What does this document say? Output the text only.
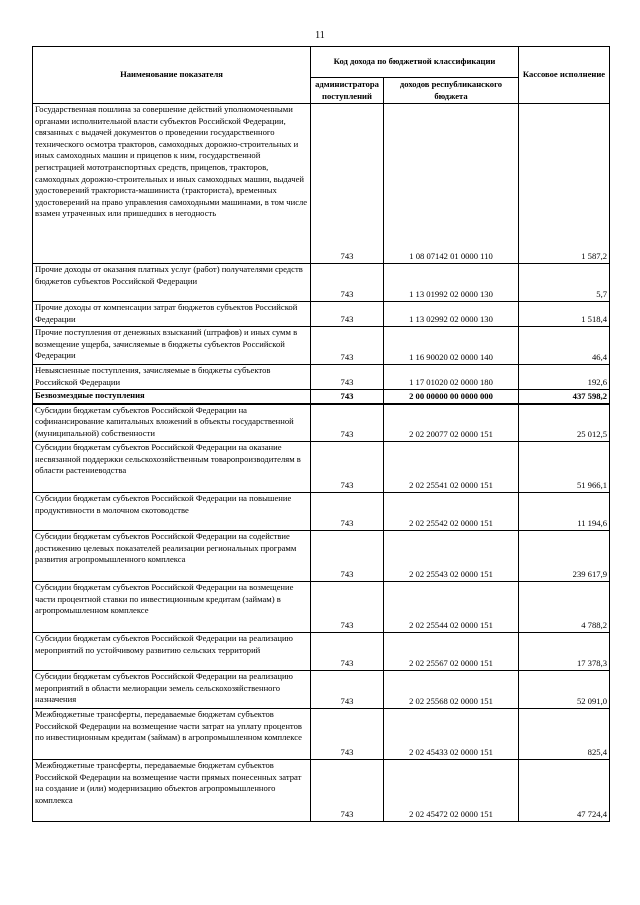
11
Наименование показателя	Код дохода по бюджетной классификации		Кассовое исполнение
	администратора поступлений	доходов республиканского бюджета	
Государственная пошлина за совершение действий уполномоченными органами исполнительной власти субъектов Российской Федерации, связанных с выдачей документов о проведении государственного технического осмотра тракторов, самоходных дорожно-строительных и иных самоходных машин и прицепов к ним, государственной регистрацией мототранспортных средств, прицепов, тракторов, самоходных дорожно-строительных и иных самоходных машин, выдачей удостоверений тракториста-машиниста (тракториста), временных удостоверений на право управления самоходными машинами, в том числе взамен утраченных или пришедших в негодность	743	1 08 07142 01 0000 110	1 587,2
Прочие доходы от оказания платных услуг (работ) получателями средств бюджетов субъектов Российской Федерации	743	1 13 01992 02 0000 130	5,7
Прочие доходы от компенсации затрат бюджетов субъектов Российской Федерации	743	1 13 02992 02 0000 130	1 518,4
Прочие поступления от денежных взысканий (штрафов) и иных сумм в возмещение ущерба, зачисляемые в бюджеты субъектов Российской Федерации	743	1 16 90020 02 0000 140	46,4
Невыясненные поступления, зачисляемые в бюджеты субъектов Российской Федерации	743	1 17 01020 02 0000 180	192,6
Безвозмездные поступления	743	2 00 00000 00 0000 000	437 598,2
Субсидии бюджетам субъектов Российской Федерации на софинансирование капитальных вложений в объекты государственной (муниципальной) собственности	743	2 02 20077 02 0000 151	25 012,5
Субсидии бюджетам субъектов Российской Федерации на оказание несвязанной поддержки сельскохозяйственным товаропроизводителям в области растениеводства	743	2 02 25541 02 0000 151	51 966,1
Субсидии бюджетам субъектов Российской Федерации на повышение продуктивности в молочном скотоводстве	743	2 02 25542 02 0000 151	11 194,6
Субсидии бюджетам субъектов Российской Федерации на содействие достижению целевых показателей реализации региональных программ развития агропромышленного комплекса	743	2 02 25543 02 0000 151	239 617,9
Субсидии бюджетам субъектов Российской Федерации на возмещение части процентной ставки по инвестиционным кредитам (займам) в агропромышленном комплексе	743	2 02 25544 02 0000 151	4 788,2
Субсидии бюджетам субъектов Российской Федерации на реализацию мероприятий по устойчивому развитию сельских территорий	743	2 02 25567 02 0000 151	17 378,3
Субсидии бюджетам субъектов Российской Федерации на реализацию мероприятий в области мелиорации земель сельскохозяйственного назначения	743	2 02 25568 02 0000 151	52 091,0
Межбюджетные трансферты, передаваемые бюджетам субъектов Российской Федерации на возмещение части затрат на уплату процентов по инвестиционным кредитам (займам) в агропромышленном комплексе	743	2 02 45433 02 0000 151	825,4
Межбюджетные трансферты, передаваемые бюджетам субъектов Российской Федерации на возмещение части прямых понесенных затрат на создание и (или) модернизацию объектов агропромышленного комплекса	743	2 02 45472 02 0000 151	47 724,4
